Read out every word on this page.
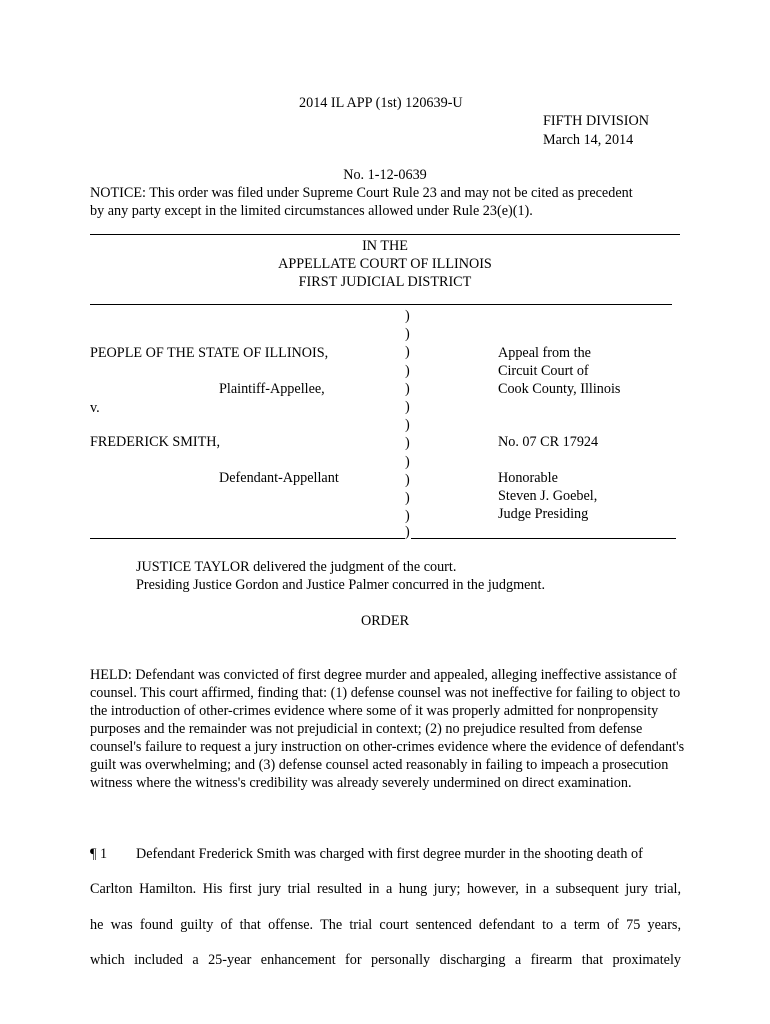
2014 IL APP (1st) 120639-U
FIFTH DIVISION
March 14, 2014
No. 1-12-0639
NOTICE: This order was filed under Supreme Court Rule 23 and may not be cited as precedent
by any party except in the limited circumstances allowed under Rule 23(e)(1).
IN THE
APPELLATE COURT OF ILLINOIS
FIRST JUDICIAL DISTRICT
)
)
)
)
)
)
)
)
)
)
)
)
PEOPLE OF THE STATE OF ILLINOIS,
Plaintiff-Appellee,
v.
FREDERICK SMITH,
Defendant-Appellant
Appeal from the
Circuit Court of
Cook County, Illinois
No. 07 CR 17924
Honorable
Steven J. Goebel,
Judge Presiding
)
JUSTICE TAYLOR delivered the judgment of the court.
Presiding Justice Gordon and Justice Palmer concurred in the judgment.
ORDER
HELD: Defendant was convicted of first degree murder and appealed, alleging ineffective assistance of counsel. This court affirmed, finding that: (1) defense counsel was not ineffective for failing to object to the introduction of other-crimes evidence where some of it was properly admitted for nonpropensity purposes and the remainder was not prejudicial in context; (2) no prejudice resulted from defense counsel's failure to request a jury instruction on other-crimes evidence where the evidence of defendant's guilt was overwhelming; and (3) defense counsel acted reasonably in failing to impeach a prosecution witness where the witness's credibility was already severely undermined on direct examination.
¶ 1 Defendant Frederick Smith was charged with first degree murder in the shooting death of
Carlton Hamilton. His first jury trial resulted in a hung jury; however, in a subsequent jury trial,
he was found guilty of that offense. The trial court sentenced defendant to a term of 75 years,
which included a 25-year enhancement for personally discharging a firearm that proximately
